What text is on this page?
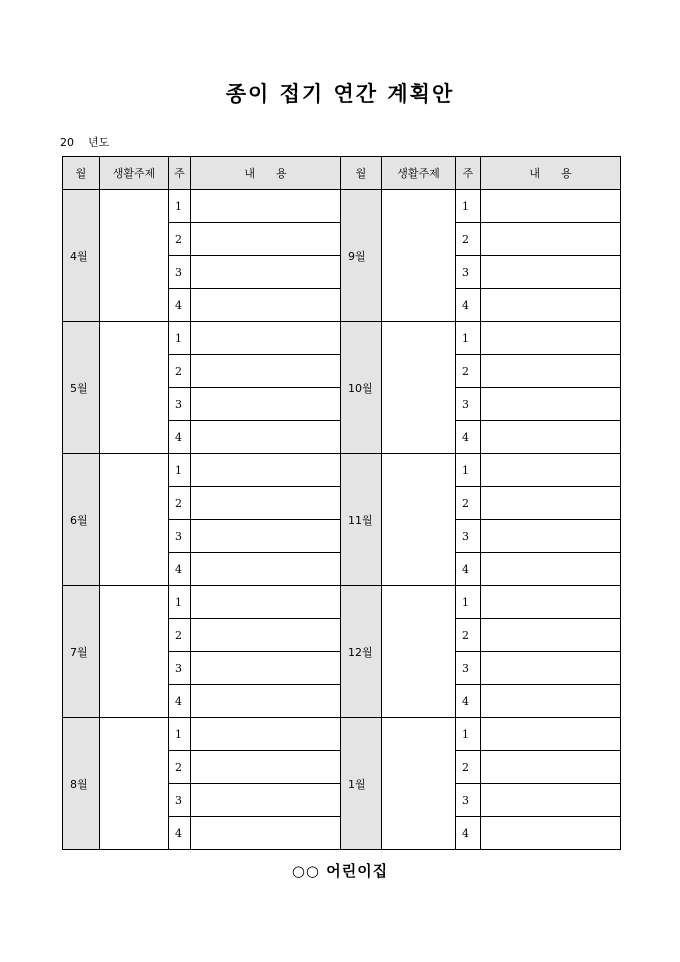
종이 접기 연간 계획안
20 년도
월	생활주제	주	내      용	월	생활주제	주	내      용
4월		1		9월		1	
		2				2	
		3				3	
		4				4	
5월		1		10월		1	
		2				2	
		3				3	
		4				4	
6월		1		11월		1	
		2				2	
		3				3	
		4				4	
7월		1		12월		1	
		2				2	
		3				3	
		4				4	
8월		1		1월		1	
		2				2	
		3				3	
		4				4	
○○ 어린이집
